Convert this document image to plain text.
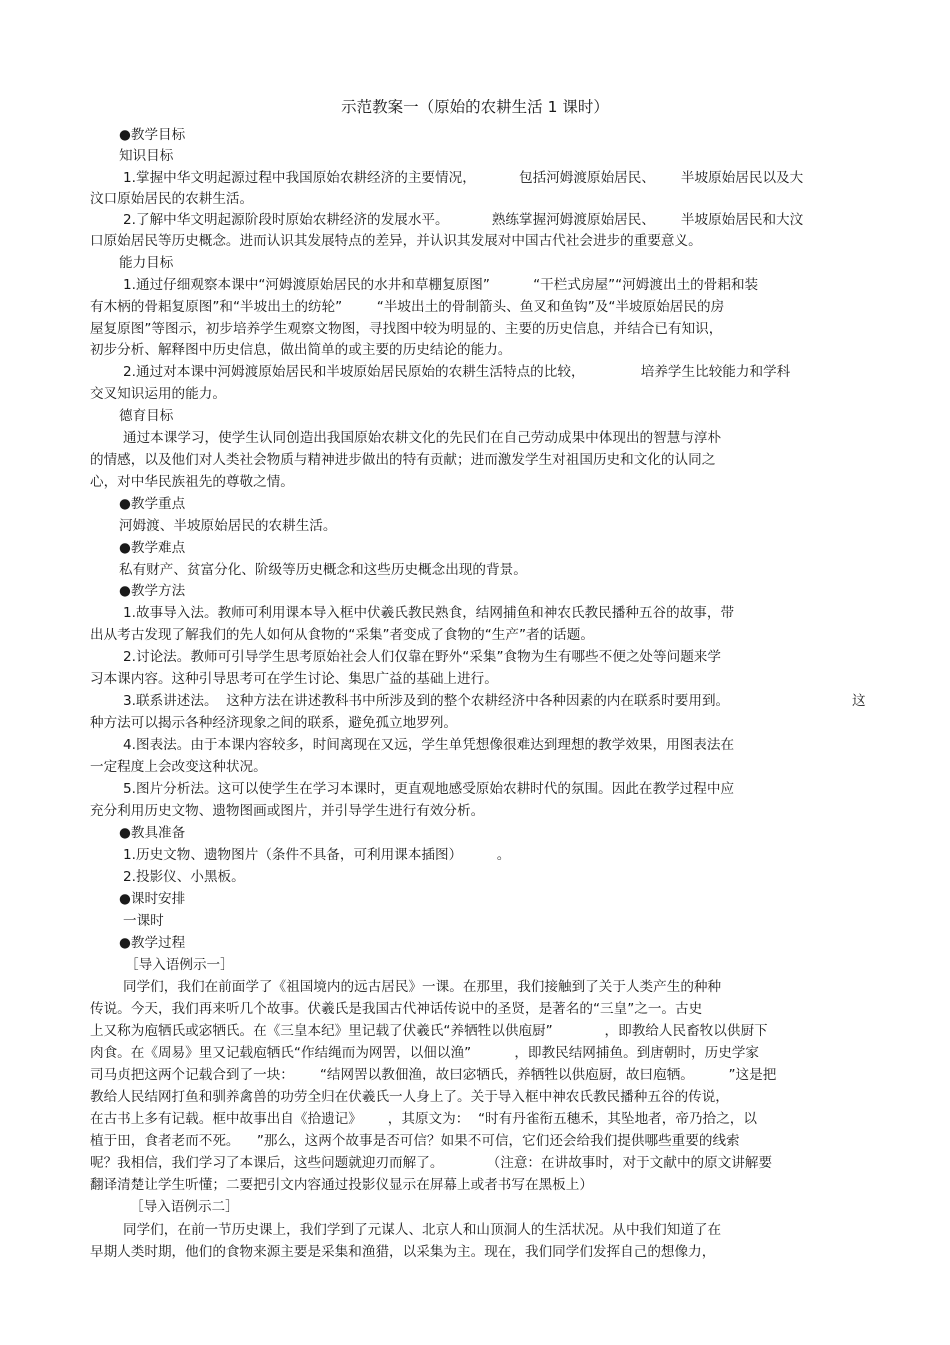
示范教案一（原始的农耕生活 1 课时）

●教学目标

知识目标

1.掌握中华文明起源过程中我国原始农耕经济的主要情况，          包括河姆渡原始居民、      半坡原始居民以及大

汶口原始居民的农耕生活。

2.了解中华文明起源阶段时原始农耕经济的发展水平。          熟练掌握河姆渡原始居民、      半坡原始居民和大汶

口原始居民等历史概念。进而认识其发展特点的差异，并认识其发展对中国古代社会进步的重要意义。

能力目标

1.通过仔细观察本课中“河姆渡原始居民的水井和草棚复原图”          “干栏式房屋”“河姆渡出土的骨耜和装

有木柄的骨耜复原图”和“半坡出土的纺轮”        “半坡出土的骨制箭头、鱼叉和鱼钩”及“半坡原始居民的房

屋复原图”等图示，初步培养学生观察文物图，寻找图中较为明显的、主要的历史信息，并结合已有知识，

初步分析、解释图中历史信息，做出简单的或主要的历史结论的能力。

2.通过对本课中河姆渡原始居民和半坡原始居民原始的农耕生活特点的比较，             培养学生比较能力和学科

交叉知识运用的能力。

德育目标

通过本课学习，使学生认同创造出我国原始农耕文化的先民们在自己劳动成果中体现出的智慧与淳朴

的情感，以及他们对人类社会物质与精神进步做出的特有贡献；进而激发学生对祖国历史和文化的认同之

心，对中华民族祖先的尊敬之情。

●教学重点

河姆渡、半坡原始居民的农耕生活。

●教学难点

私有财产、贫富分化、阶级等历史概念和这些历史概念出现的背景。

●教学方法

1.故事导入法。教师可利用课本导入框中伏羲氏教民熟食，结网捕鱼和神农氏教民播种五谷的故事，带

出从考古发现了解我们的先人如何从食物的“采集”者变成了食物的“生产”者的话题。

2.讨论法。教师可引导学生思考原始社会人们仅靠在野外“采集”食物为生有哪些不便之处等问题来学

习本课内容。这种引导思考可在学生讨论、集思广益的基础上进行。

3.联系讲述法。  这种方法在讲述教科书中所涉及到的整个农耕经济中各种因素的内在联系时要用到。	这

种方法可以揭示各种经济现象之间的联系，避免孤立地罗列。

4.图表法。由于本课内容较多，时间离现在又远，学生单凭想像很难达到理想的教学效果，用图表法在

一定程度上会改变这种状况。

5.图片分析法。这可以使学生在学习本课时，更直观地感受原始农耕时代的氛围。因此在教学过程中应

充分利用历史文物、遗物图画或图片，并引导学生进行有效分析。

●教具准备

1.历史文物、遗物图片（条件不具备，可利用课本插图）        。

2.投影仪、小黑板。

●课时安排

一课时

●教学过程

［导入语例示一］

同学们，我们在前面学了《祖国境内的远古居民》一课。在那里，我们接触到了关于人类产生的种种

传说。今天，我们再来听几个故事。伏羲氏是我国古代神话传说中的圣贤，是著名的“三皇”之一。古史

上又称为庖牺氏或宓牺氏。在《三皇本纪》里记载了伏羲氏“养牺牲以供庖厨”            ，即教给人民畜牧以供厨下

肉食。在《周易》里又记载庖牺氏“作结绳而为网罟，以佃以渔”          ，即教民结网捕鱼。到唐朝时，历史学家

司马贞把这两个记载合到了一块：      “结网罟以教佃渔，故曰宓牺氏，养牺牲以供庖厨，故曰庖牺。        ”这是把

教给人民结网打鱼和驯养禽兽的功劳全归在伏羲氏一人身上了。关于导入框中神农氏教民播种五谷的传说，

在古书上多有记载。框中故事出自《拾遗记》      ，其原文为：  “时有丹雀衔五穗禾，其坠地者，帝乃拾之，以

植于田，食者老而不死。    ”那么，这两个故事是否可信？如果不可信，它们还会给我们提供哪些重要的线索

呢？我相信，我们学习了本课后，这些问题就迎刃而解了。          （注意：在讲故事时，对于文献中的原文讲解要

翻译清楚让学生听懂；二要把引文内容通过投影仪显示在屏幕上或者书写在黑板上）

［导入语例示二］

同学们，在前一节历史课上，我们学到了元谋人、北京人和山顶洞人的生活状况。从中我们知道了在

早期人类时期，他们的食物来源主要是采集和渔猎，以采集为主。现在，我们同学们发挥自己的想像力，
